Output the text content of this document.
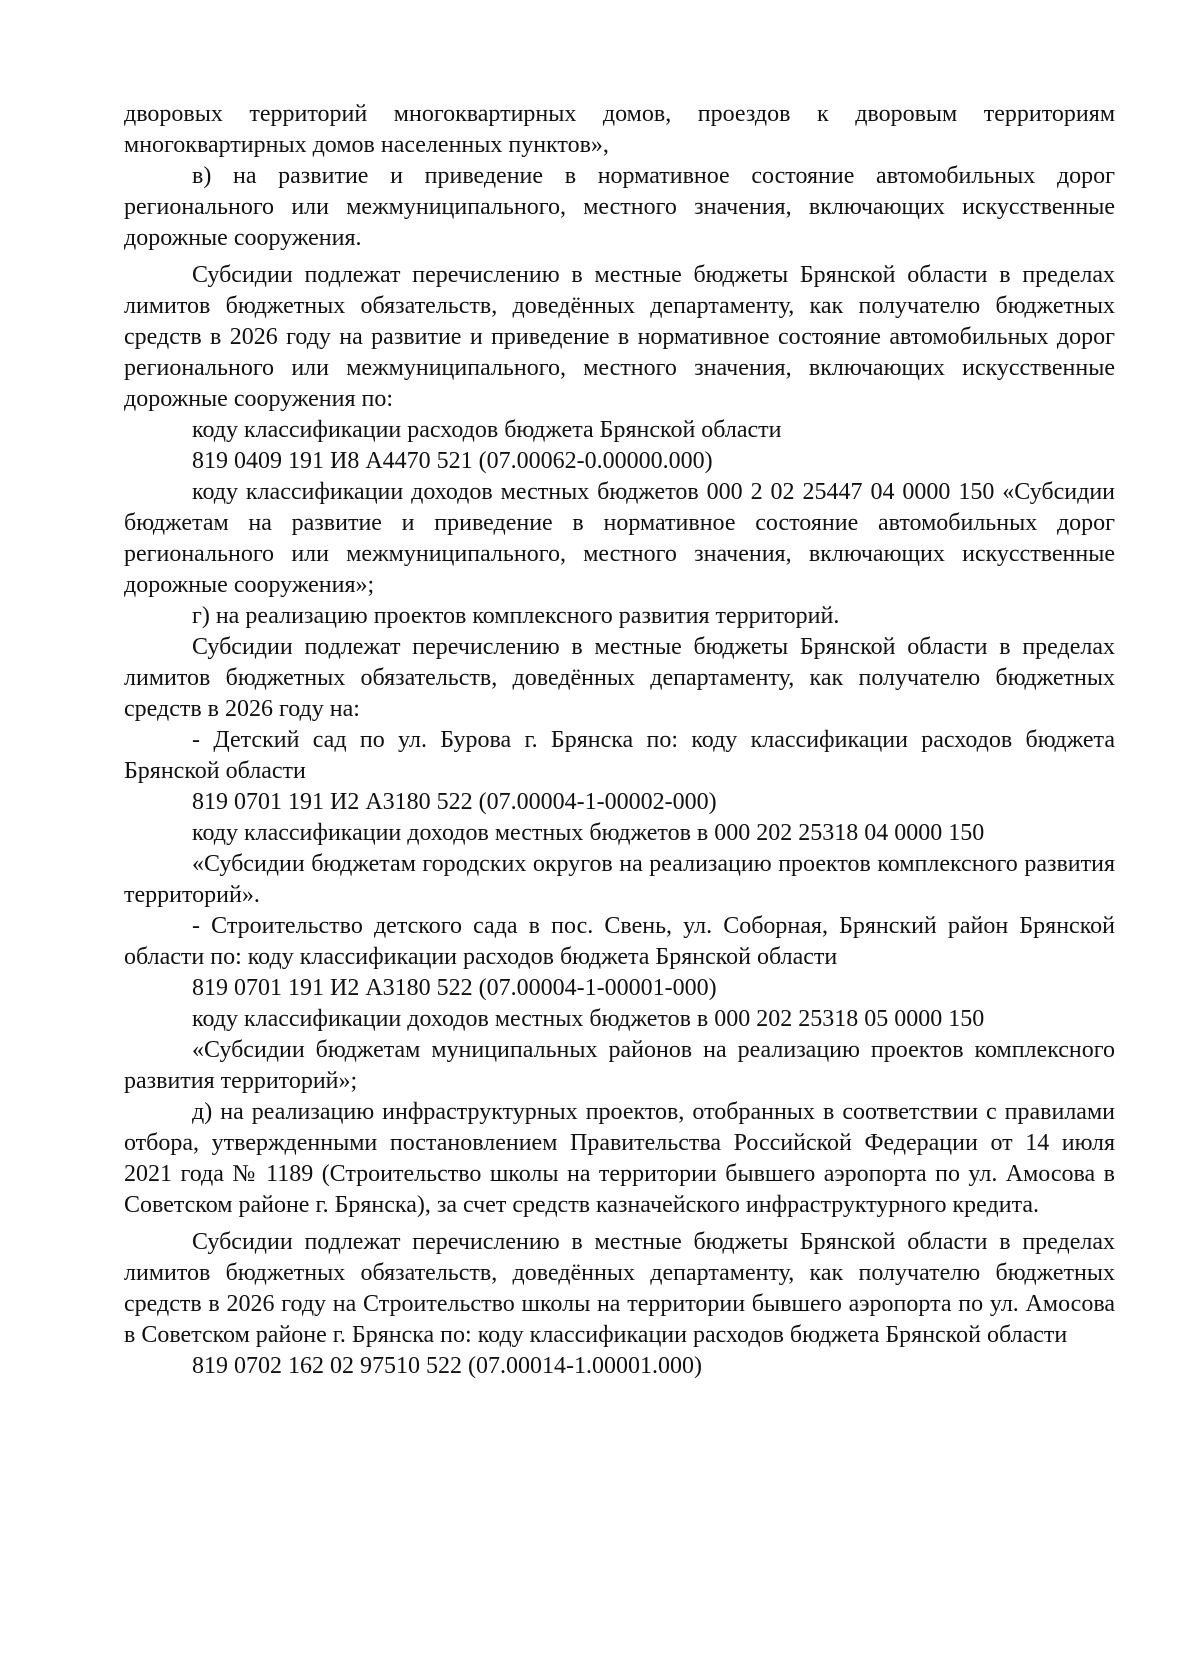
дворовых территорий многоквартирных домов, проездов к дворовым территориям многоквартирных домов населенных пунктов»,

в) на развитие и приведение в нормативное состояние автомобильных дорог регионального или межмуниципального, местного значения, включающих искусственные дорожные сооружения.

Субсидии подлежат перечислению в местные бюджеты Брянской области в пределах лимитов бюджетных обязательств, доведённых департаменту, как получателю бюджетных средств в 2026 году на развитие и приведение в нормативное состояние автомобильных дорог регионального или межмуниципального, местного значения, включающих искусственные дорожные сооружения по:

коду классификации расходов бюджета Брянской области

819 0409 191 И8 А4470 521 (07.00062-0.00000.000)

коду классификации доходов местных бюджетов 000 2 02 25447 04 0000 150 «Субсидии бюджетам на развитие и приведение в нормативное состояние автомобильных дорог регионального или межмуниципального, местного значения, включающих искусственные дорожные сооружения»;

г) на реализацию проектов комплексного развития территорий.

Субсидии подлежат перечислению в местные бюджеты Брянской области в пределах лимитов бюджетных обязательств, доведённых департаменту, как получателю бюджетных средств в 2026 году на:

- Детский сад по ул. Бурова г. Брянска по: коду классификации расходов бюджета Брянской области

819 0701 191 И2 А3180 522 (07.00004-1-00002-000)

коду классификации доходов местных бюджетов в 000 202 25318 04 0000 150

«Субсидии бюджетам городских округов на реализацию проектов комплексного развития территорий».

- Строительство детского сада в пос. Свень, ул. Соборная, Брянский район Брянской области по: коду классификации расходов бюджета Брянской области

819 0701 191 И2 А3180 522 (07.00004-1-00001-000)

коду классификации доходов местных бюджетов в 000 202 25318 05 0000 150

«Субсидии бюджетам муниципальных районов на реализацию проектов комплексного развития территорий»;

д) на реализацию инфраструктурных проектов, отобранных в соответствии с правилами отбора, утвержденными постановлением Правительства Российской Федерации от 14 июля 2021 года № 1189 (Строительство школы на территории бывшего аэропорта по ул. Амосова в Советском районе г. Брянска), за счет средств казначейского инфраструктурного кредита.

Субсидии подлежат перечислению в местные бюджеты Брянской области в пределах лимитов бюджетных обязательств, доведённых департаменту, как получателю бюджетных средств в 2026 году на Строительство школы на территории бывшего аэропорта по ул. Амосова в Советском районе г. Брянска по: коду классификации расходов бюджета Брянской области

819 0702 162 02 97510 522 (07.00014-1.00001.000)
